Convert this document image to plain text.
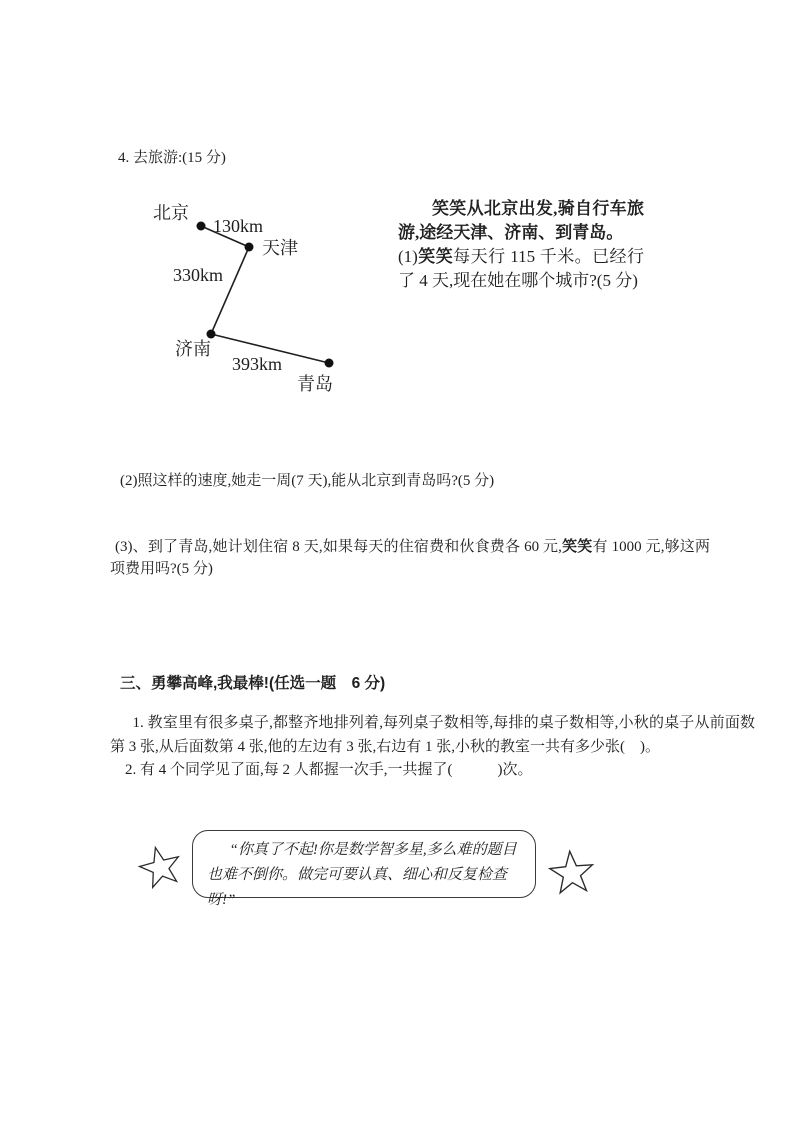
4. 去旅游:(15 分)
北京
130km
天津
330km
济南
393km
青岛

笑笑从北京出发,骑自行车旅游,途经天津、济南、到青岛。

(1)笑笑每天行 115 千米。已经行了 4 天,现在她在哪个城市?(5 分)

(2)照这样的速度,她走一周(7 天),能从北京到青岛吗?(5 分)
(3)、到了青岛,她计划住宿 8 天,如果每天的住宿费和伙食费各 60 元,笑笑有 1000 元,够这两项费用吗?(5 分)
三、勇攀高峰,我最棒!(任选一题　6 分)

1. 教室里有很多桌子,都整齐地排列着,每列桌子数相等,每排的桌子数相等,小秋的桌子从前面数第 3 张,从后面数第 4 张,他的左边有 3 张,右边有 1 张,小秋的教室一共有多少张(　)。

2. 有 4 个同学见了面,每 2 人都握一次手,一共握了(　　　)次。

“你真了不起!你是数学智多星,多么难的题目也难不倒你。做完可要认真、细心和反复检查呀!”
